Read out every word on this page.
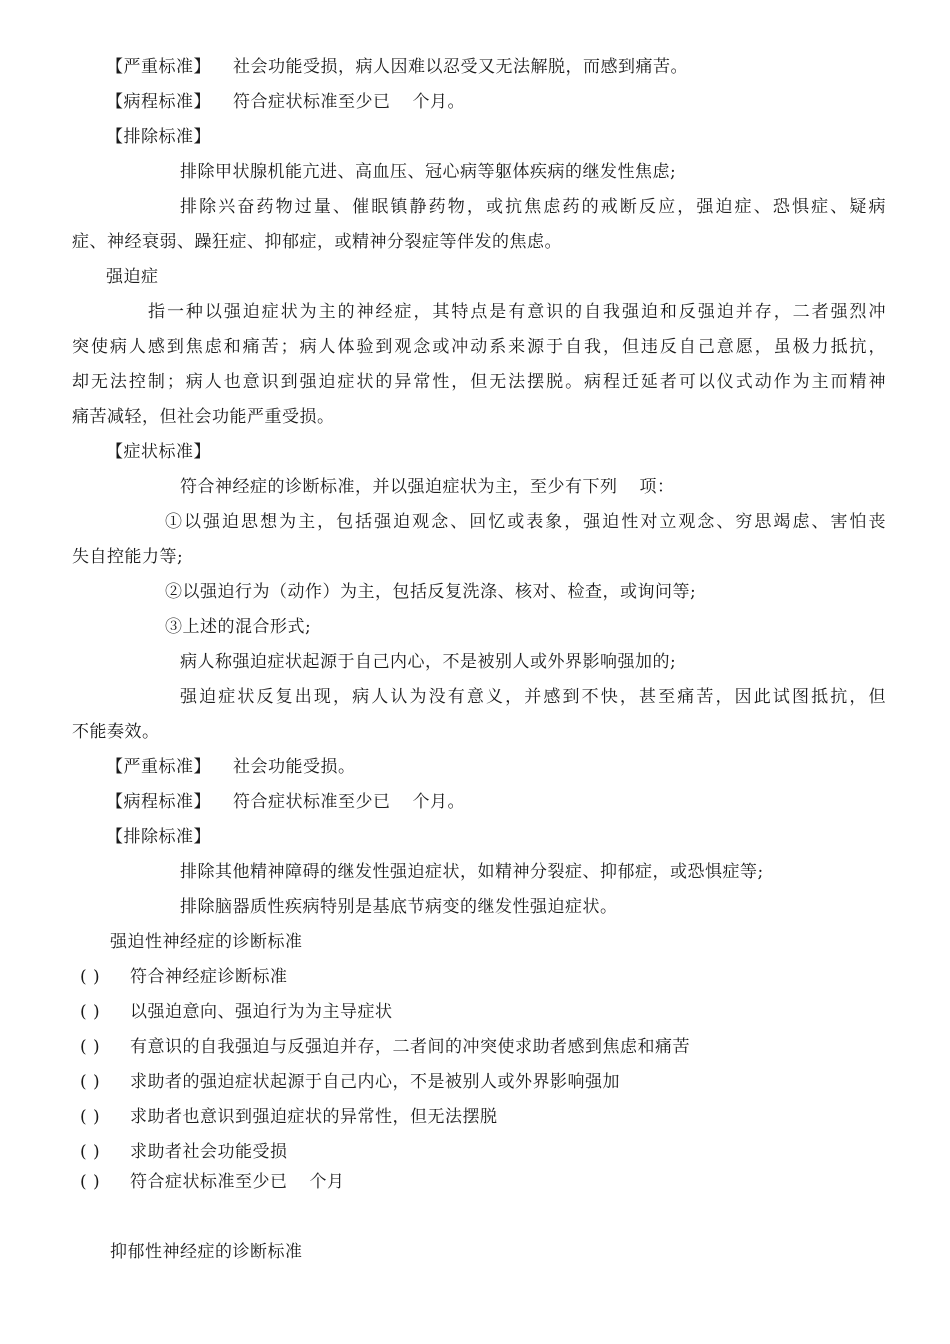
【严重标准】 社会功能受损，病人因难以忍受又无法解脱，而感到痛苦。
【病程标准】 符合症状标准至少已 个月。
【排除标准】
排除甲状腺机能亢进、高血压、冠心病等躯体疾病的继发性焦虑;
排除兴奋药物过量、催眠镇静药物，或抗焦虑药的戒断反应，强迫症、恐惧症、疑病
症、神经衰弱、躁狂症、抑郁症，或精神分裂症等伴发的焦虑。
强迫症
指一种以强迫症状为主的神经症，其特点是有意识的自我强迫和反强迫并存，二者强烈冲
突使病人感到焦虑和痛苦；病人体验到观念或冲动系来源于自我，但违反自己意愿，虽极力抵抗，
却无法控制；病人也意识到强迫症状的异常性，但无法摆脱。病程迁延者可以仪式动作为主而精神
痛苦减轻，但社会功能严重受损。
【症状标准】
符合神经症的诊断标准，并以强迫症状为主，至少有下列 项：
①以强迫思想为主，包括强迫观念、回忆或表象，强迫性对立观念、穷思竭虑、害怕丧
失自控能力等;
②以强迫行为（动作）为主，包括反复洗涤、核对、检查，或询问等;
③上述的混合形式;
病人称强迫症状起源于自己内心，不是被别人或外界影响强加的;
强迫症状反复出现，病人认为没有意义，并感到不快，甚至痛苦，因此试图抵抗，但
不能奏效。
【严重标准】 社会功能受损。
【病程标准】 符合症状标准至少已 个月。
【排除标准】
排除其他精神障碍的继发性强迫症状，如精神分裂症、抑郁症，或恐惧症等;
排除脑器质性疾病特别是基底节病变的继发性强迫症状。
强迫性神经症的诊断标准
( ) 符合神经症诊断标准
( ) 以强迫意向、强迫行为为主导症状
( ) 有意识的自我强迫与反强迫并存，二者间的冲突使求助者感到焦虑和痛苦
( ) 求助者的强迫症状起源于自己内心，不是被别人或外界影响强加
( ) 求助者也意识到强迫症状的异常性，但无法摆脱
( ) 求助者社会功能受损
( ) 符合症状标准至少已 个月
抑郁性神经症的诊断标准
